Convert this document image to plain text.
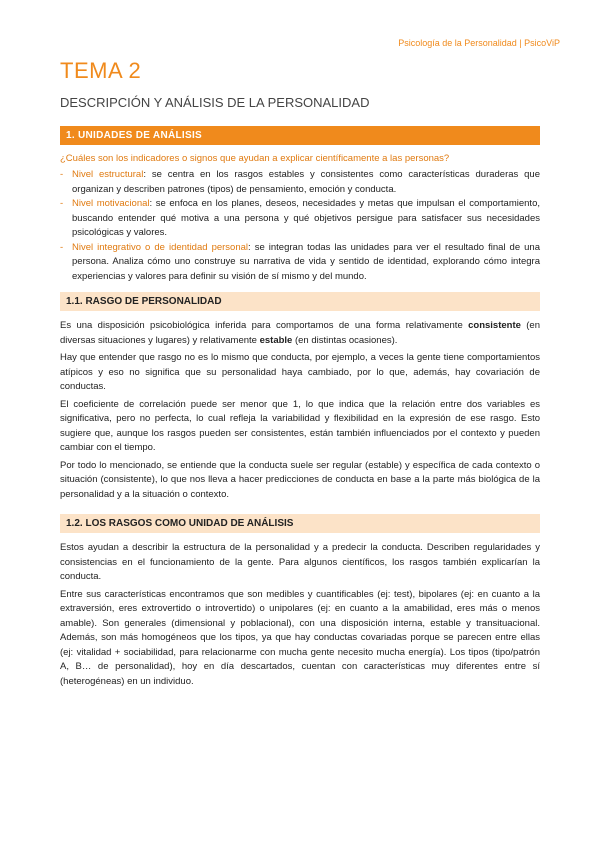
Psicología de la Personalidad | PsicoViP
TEMA 2
DESCRIPCIÓN Y ANÁLISIS DE LA PERSONALIDAD
1. UNIDADES DE ANÁLISIS
¿Cuáles son los indicadores o signos que ayudan a explicar científicamente a las personas?
- Nivel estructural: se centra en los rasgos estables y consistentes como características duraderas que organizan y describen patrones (tipos) de pensamiento, emoción y conducta.
- Nivel motivacional: se enfoca en los planes, deseos, necesidades y metas que impulsan el comportamiento, buscando entender qué motiva a una persona y qué objetivos persigue para satisfacer sus necesidades psicológicas y valores.
- Nivel integrativo o de identidad personal: se integran todas las unidades para ver el resultado final de una persona. Analiza cómo uno construye su narrativa de vida y sentido de identidad, explorando cómo integra experiencias y valores para definir su visión de sí mismo y del mundo.
1.1. RASGO DE PERSONALIDAD

Es una disposición psicobiológica inferida para comportamos de una forma relativamente consistente (en diversas situaciones y lugares) y relativamente estable (en distintas ocasiones).

Hay que entender que rasgo no es lo mismo que conducta, por ejemplo, a veces la gente tiene comportamientos atípicos y eso no significa que su personalidad haya cambiado, por lo que, además, hay covariación de conductas.

El coeficiente de correlación puede ser menor que 1, lo que indica que la relación entre dos variables es significativa, pero no perfecta, lo cual refleja la variabilidad y flexibilidad en la expresión de ese rasgo. Esto sugiere que, aunque los rasgos pueden ser consistentes, están también influenciados por el contexto y pueden cambiar con el tiempo.

Por todo lo mencionado, se entiende que la conducta suele ser regular (estable) y específica de cada contexto o situación (consistente), lo que nos lleva a hacer predicciones de conducta en base a la parte más biológica de la personalidad y a la situación o contexto.

1.2. LOS RASGOS COMO UNIDAD DE ANÁLISIS

Estos ayudan a describir la estructura de la personalidad y a predecir la conducta. Describen regularidades y consistencias en el funcionamiento de la gente. Para algunos científicos, los rasgos también explicarían la conducta.

Entre sus características encontramos que son medibles y cuantificables (ej: test), bipolares (ej: en cuanto a la extraversión, eres extrovertido o introvertido) o unipolares (ej: en cuanto a la amabilidad, eres más o menos amable). Son generales (dimensional y poblacional), con una disposición interna, estable y transituacional. Además, son más homogéneos que los tipos, ya que hay conductas covariadas porque se parecen entre ellas (ej: vitalidad + sociabilidad, para relacionarme con mucha gente necesito mucha energía). Los tipos (tipo/patrón A, B… de personalidad), hoy en día descartados, cuentan con características muy diferentes entre sí (heterogéneas) en un individuo.
